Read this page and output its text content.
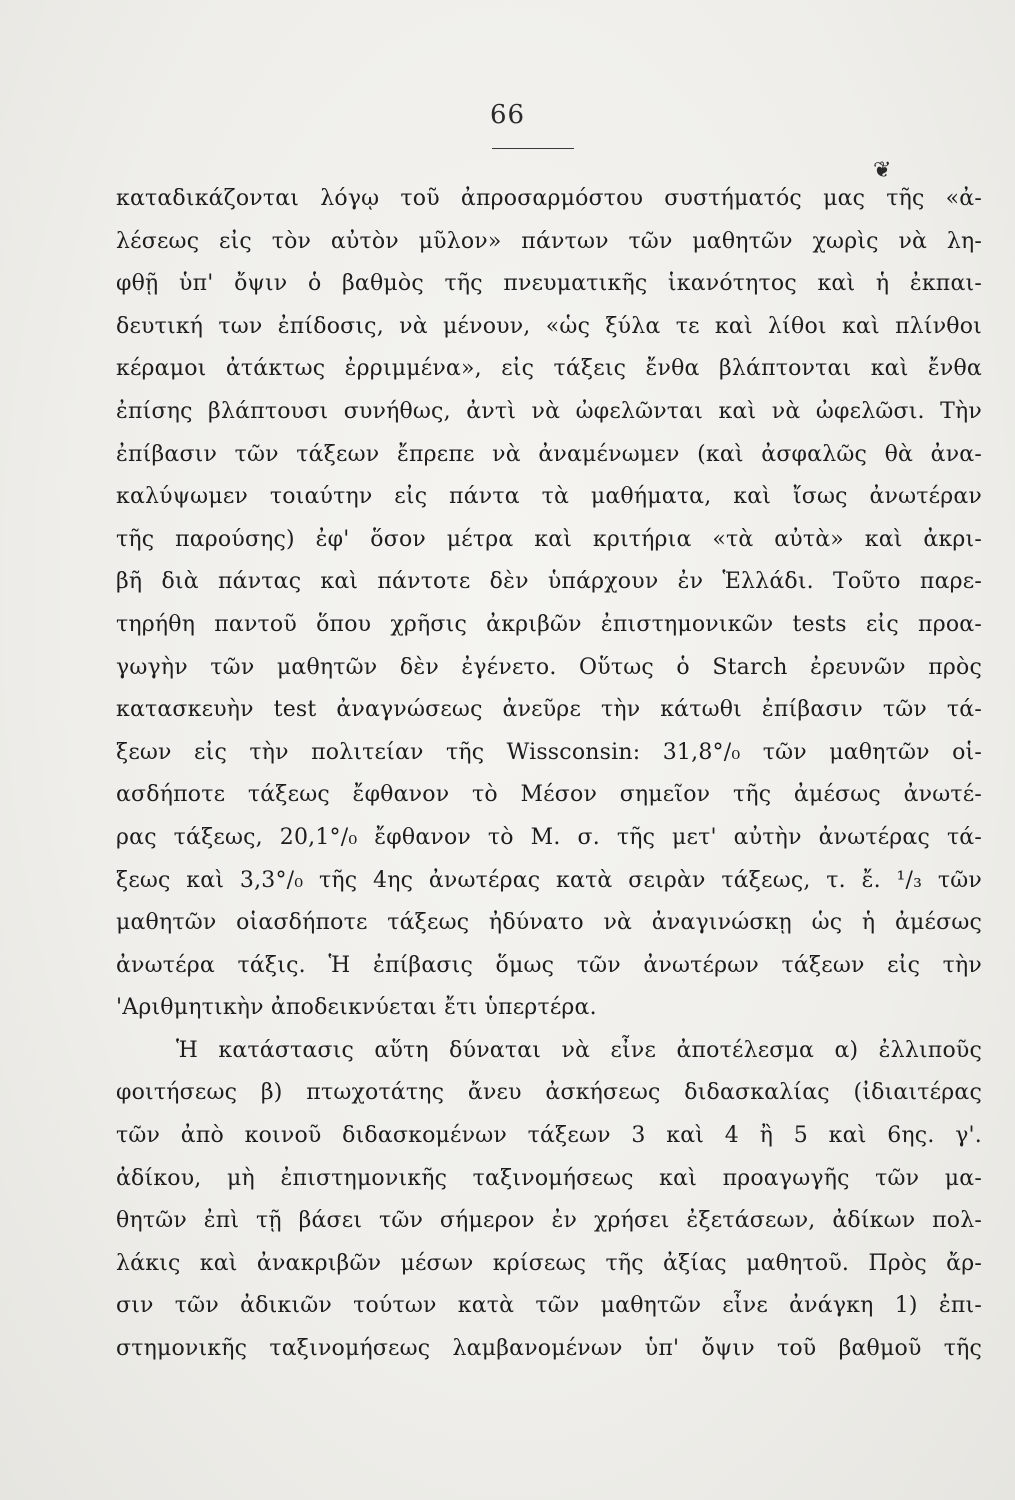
66
❦
καταδικάζονται λόγῳ τοῦ ἀπροσαρμόστου συστήματός μας τῆς «ἀ-
λέσεως εἰς τὸν αὐτὸν μῦλον» πάντων τῶν μαθητῶν χωρὶς νὰ λη-
φθῇ ὑπ' ὄψιν ὁ βαθμὸς τῆς πνευματικῆς ἱκανότητος καὶ ἡ ἐκπαι-
δευτική των ἐπίδοσις, νὰ μένουν, «ὡς ξύλα τε καὶ λίθοι καὶ πλίνθοι
κέραμοι ἀτάκτως ἐρριμμένα», εἰς τάξεις ἔνθα βλάπτονται καὶ ἔνθα
ἐπίσης βλάπτουσι συνήθως, ἀντὶ νὰ ὠφελῶνται καὶ νὰ ὠφελῶσι. Τὴν
ἐπίβασιν τῶν τάξεων ἔπρεπε νὰ ἀναμένωμεν (καὶ ἀσφαλῶς θὰ ἀνα-
καλύψωμεν τοιαύτην εἰς πάντα τὰ μαθήματα, καὶ ἴσως ἀνωτέραν
τῆς παρούσης) ἐφ' ὅσον μέτρα καὶ κριτήρια «τὰ αὐτὰ» καὶ ἀκρι-
βῆ διὰ πάντας καὶ πάντοτε δὲν ὑπάρχουν ἐν Ἑλλάδι. Τοῦτο παρε-
τηρήθη παντοῦ ὅπου χρῆσις ἀκριβῶν ἐπιστημονικῶν tests εἰς προα-
γωγὴν τῶν μαθητῶν δὲν ἐγένετο. Οὕτως ὁ Starch ἐρευνῶν πρὸς
κατασκευὴν test ἀναγνώσεως ἀνεῦρε τὴν κάτωθι ἐπίβασιν τῶν τά-
ξεων εἰς τὴν πολιτείαν τῆς Wissconsin: 31,8°/₀ τῶν μαθητῶν οἱ-
ασδήποτε τάξεως ἔφθανον τὸ Μέσον σημεῖον τῆς ἀμέσως ἀνωτέ-
ρας τάξεως, 20,1°/₀ ἔφθανον τὸ Μ. σ. τῆς μετ' αὐτὴν ἀνωτέρας τά-
ξεως καὶ 3,3°/₀ τῆς 4ης ἀνωτέρας κατὰ σειρὰν τάξεως, τ. ἔ. ¹/₃ τῶν
μαθητῶν οἱασδήποτε τάξεως ἠδύνατο νὰ ἀναγινώσκῃ ὡς ἡ ἀμέσως
ἀνωτέρα τάξις. Ἡ ἐπίβασις ὅμως τῶν ἀνωτέρων τάξεων εἰς τὴν
'Αριθμητικὴν ἀποδεικνύεται ἔτι ὑπερτέρα.
Ἡ κατάστασις αὕτη δύναται νὰ εἶνε ἀποτέλεσμα α) ἐλλιποῦς
φοιτήσεως β) πτωχοτάτης ἄνευ ἀσκήσεως διδασκαλίας (ἰδιαιτέρας
τῶν ἀπὸ κοινοῦ διδασκομένων τάξεων 3 καὶ 4 ἢ 5 καὶ 6ης. γ'.
ἀδίκου, μὴ ἐπιστημονικῆς ταξινομήσεως καὶ προαγωγῆς τῶν μα-
θητῶν ἐπὶ τῇ βάσει τῶν σήμερον ἐν χρήσει ἐξετάσεων, ἀδίκων πολ-
λάκις καὶ ἀνακριβῶν μέσων κρίσεως τῆς ἀξίας μαθητοῦ. Πρὸς ἄρ-
σιν τῶν ἀδικιῶν τούτων κατὰ τῶν μαθητῶν εἶνε ἀνάγκη 1) ἐπι-
στημονικῆς ταξινομήσεως λαμβανομένων ὑπ' ὄψιν τοῦ βαθμοῦ τῆς
